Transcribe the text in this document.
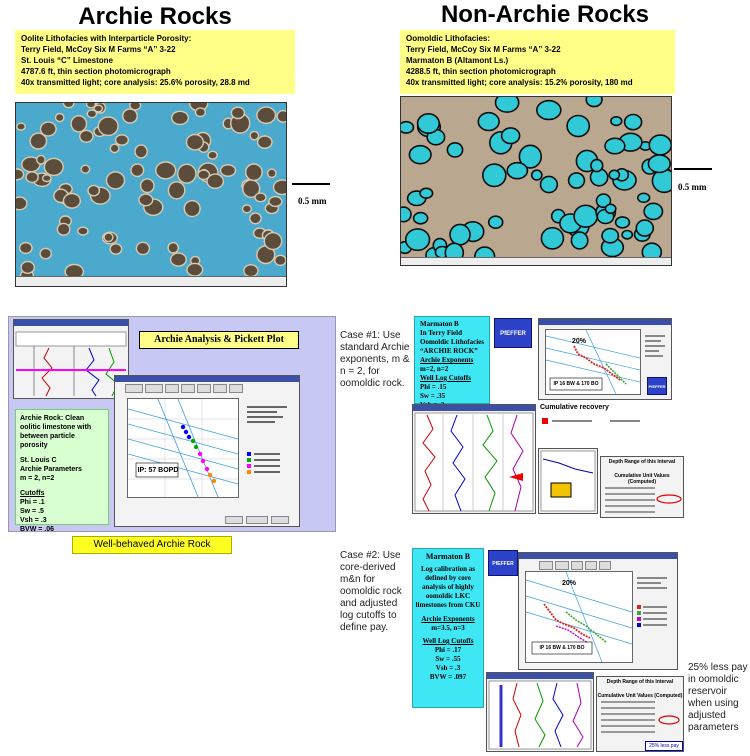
Archie Rocks	Non-Archie Rocks
Oolite Lithofacies with Interparticle Porosity:
Terry Field, McCoy Six M Farms “A” 3-22
St. Louis “C” Limestone
4787.6 ft, thin section photomicrograph
40x transmitted light; core analysis: 25.6% porosity, 28.8 md
Oomoldic Lithofacies:
Terry Field, McCoy Six M Farms “A” 3-22
Marmaton B (Altamont Ls.)
4288.5 ft, thin section photomicrograph
40x transmitted light; core analysis: 15.2% porosity, 180 md
0.5 mm
0.5 mm
Archie Analysis & Pickett Plot

IP: 57 BOPD
Archie Rock: Clean oolitic limestone with between particle porosity
St. Louis C
Archie Parameters
m = 2, n=2
Cutoffs
Phi = .1
Sw = .5
Vsh = .3
BVW = .06
Well-behaved Archie Rock
Case #1: Use standard Archie exponents, m & n = 2, for oomoldic rock.
Marmaton B
In Terry Field
Oomoldic Lithofacies
“ARCHIE ROCK”
Archie Exponents
m=2, n=2
Well Log Cutoffs
Phi = .15
Sw = .35
PfEFFER
20%
IP 16 BW & 170 BO	PfEFFER
Cumulative recovery
Depth Range of this Interval
Cumulative Unit Values (Computed)
Case #2: Use core-derived m&n for oomoldic rock and adjusted log cutoffs to define pay.
Marmaton B
Log calibration as defined by core analysis of highly oomoldic LKC limestones from CKU
Archie Exponents
m=3.5, n=3
Well Log Cutoffs
Phi = .17
Sw = .55
Vsh = .3
BVW = .097
PfEFFER

20%
IP 16 BW & 170 BO
Depth Range of this Interval
Cumulative Unit Values (Computed)
25% less pay
25% less pay in oomoldic reservoir when using adjusted parameters
